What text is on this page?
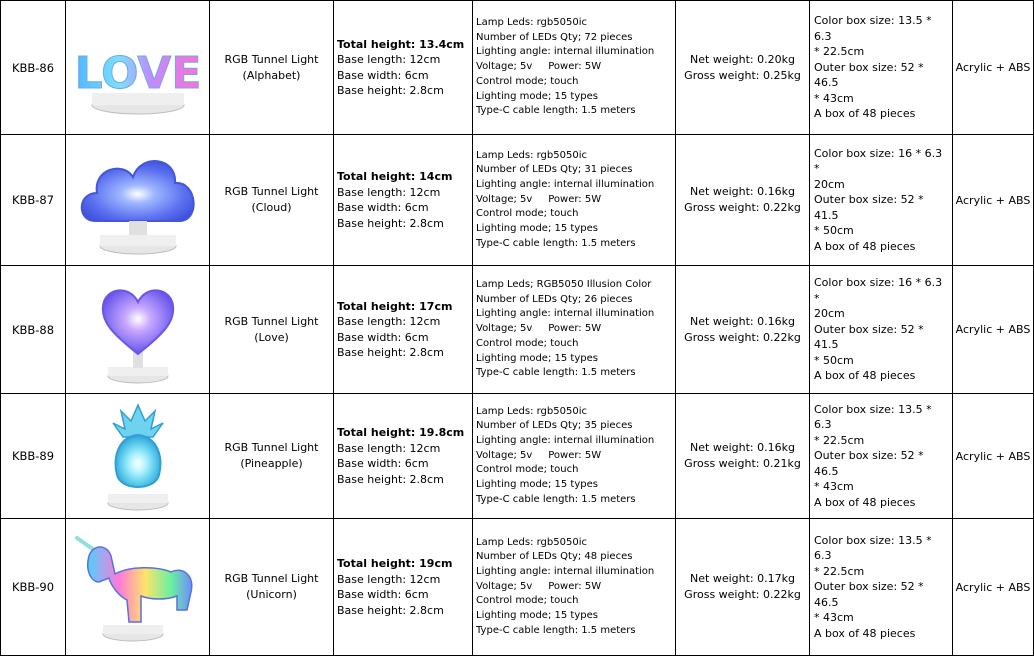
KBB-86 LOVE RGB Tunnel Light
(Alphabet)
Total height: 13.4cm
Base length: 12cm
Base width: 6cm
Base height: 2.8cm
Lamp Leds: rgb5050ic
Number of LEDs Qty; 72 pieces
Lighting angle: internal illumination
Voltage; 5v     Power: 5W
Control mode; touch
Lighting mode; 15 types
Type-C cable length: 1.5 meters
Net weight: 0.20kg
Gross weight: 0.25kg
Color box size: 13.5 * 6.3
* 22.5cm
Outer box size: 52 * 46.5
* 43cm
A box of 48 pieces
Acrylic + ABS
KBB-87
RGB Tunnel Light
(Cloud)
Total height: 14cm
Base length: 12cm
Base width: 6cm
Base height: 2.8cm
Lamp Leds: rgb5050ic
Number of LEDs Qty; 31 pieces
Lighting angle: internal illumination
Voltage; 5v     Power: 5W
Control mode; touch
Lighting mode; 15 types
Type-C cable length: 1.5 meters
Net weight: 0.16kg
Gross weight: 0.22kg
Color box size: 16 * 6.3 *
20cm
Outer box size: 52 * 41.5
* 50cm
A box of 48 pieces
Acrylic + ABS
KBB-88
RGB Tunnel Light
(Love)
Total height: 17cm
Base length: 12cm
Base width: 6cm
Base height: 2.8cm
Lamp Leds; RGB5050 Illusion Color
Number of LEDs Qty; 26 pieces
Lighting angle: internal illumination
Voltage; 5v     Power: 5W
Control mode; touch
Lighting mode; 15 types
Type-C cable length: 1.5 meters
Net weight: 0.16kg
Gross weight: 0.22kg
Color box size: 16 * 6.3 *
20cm
Outer box size: 52 * 41.5
* 50cm
A box of 48 pieces
Acrylic + ABS
KBB-89
RGB Tunnel Light
(Pineapple)
Total height: 19.8cm
Base length: 12cm
Base width: 6cm
Base height: 2.8cm
Lamp Leds: rgb5050ic
Number of LEDs Qty; 35 pieces
Lighting angle: internal illumination
Voltage; 5v     Power: 5W
Control mode; touch
Lighting mode; 15 types
Type-C cable length: 1.5 meters
Net weight: 0.16kg
Gross weight: 0.21kg
Color box size: 13.5 * 6.3
* 22.5cm
Outer box size: 52 * 46.5
* 43cm
A box of 48 pieces
Acrylic + ABS
KBB-90
RGB Tunnel Light
(Unicorn)
Total height: 19cm
Base length: 12cm
Base width: 6cm
Base height: 2.8cm
Lamp Leds: rgb5050ic
Number of LEDs Qty; 48 pieces
Lighting angle: internal illumination
Voltage; 5v     Power: 5W
Control mode; touch
Lighting mode; 15 types
Type-C cable length: 1.5 meters
Net weight: 0.17kg
Gross weight: 0.22kg
Color box size: 13.5 * 6.3
* 22.5cm
Outer box size: 52 * 46.5
* 43cm
A box of 48 pieces
Acrylic + ABS
